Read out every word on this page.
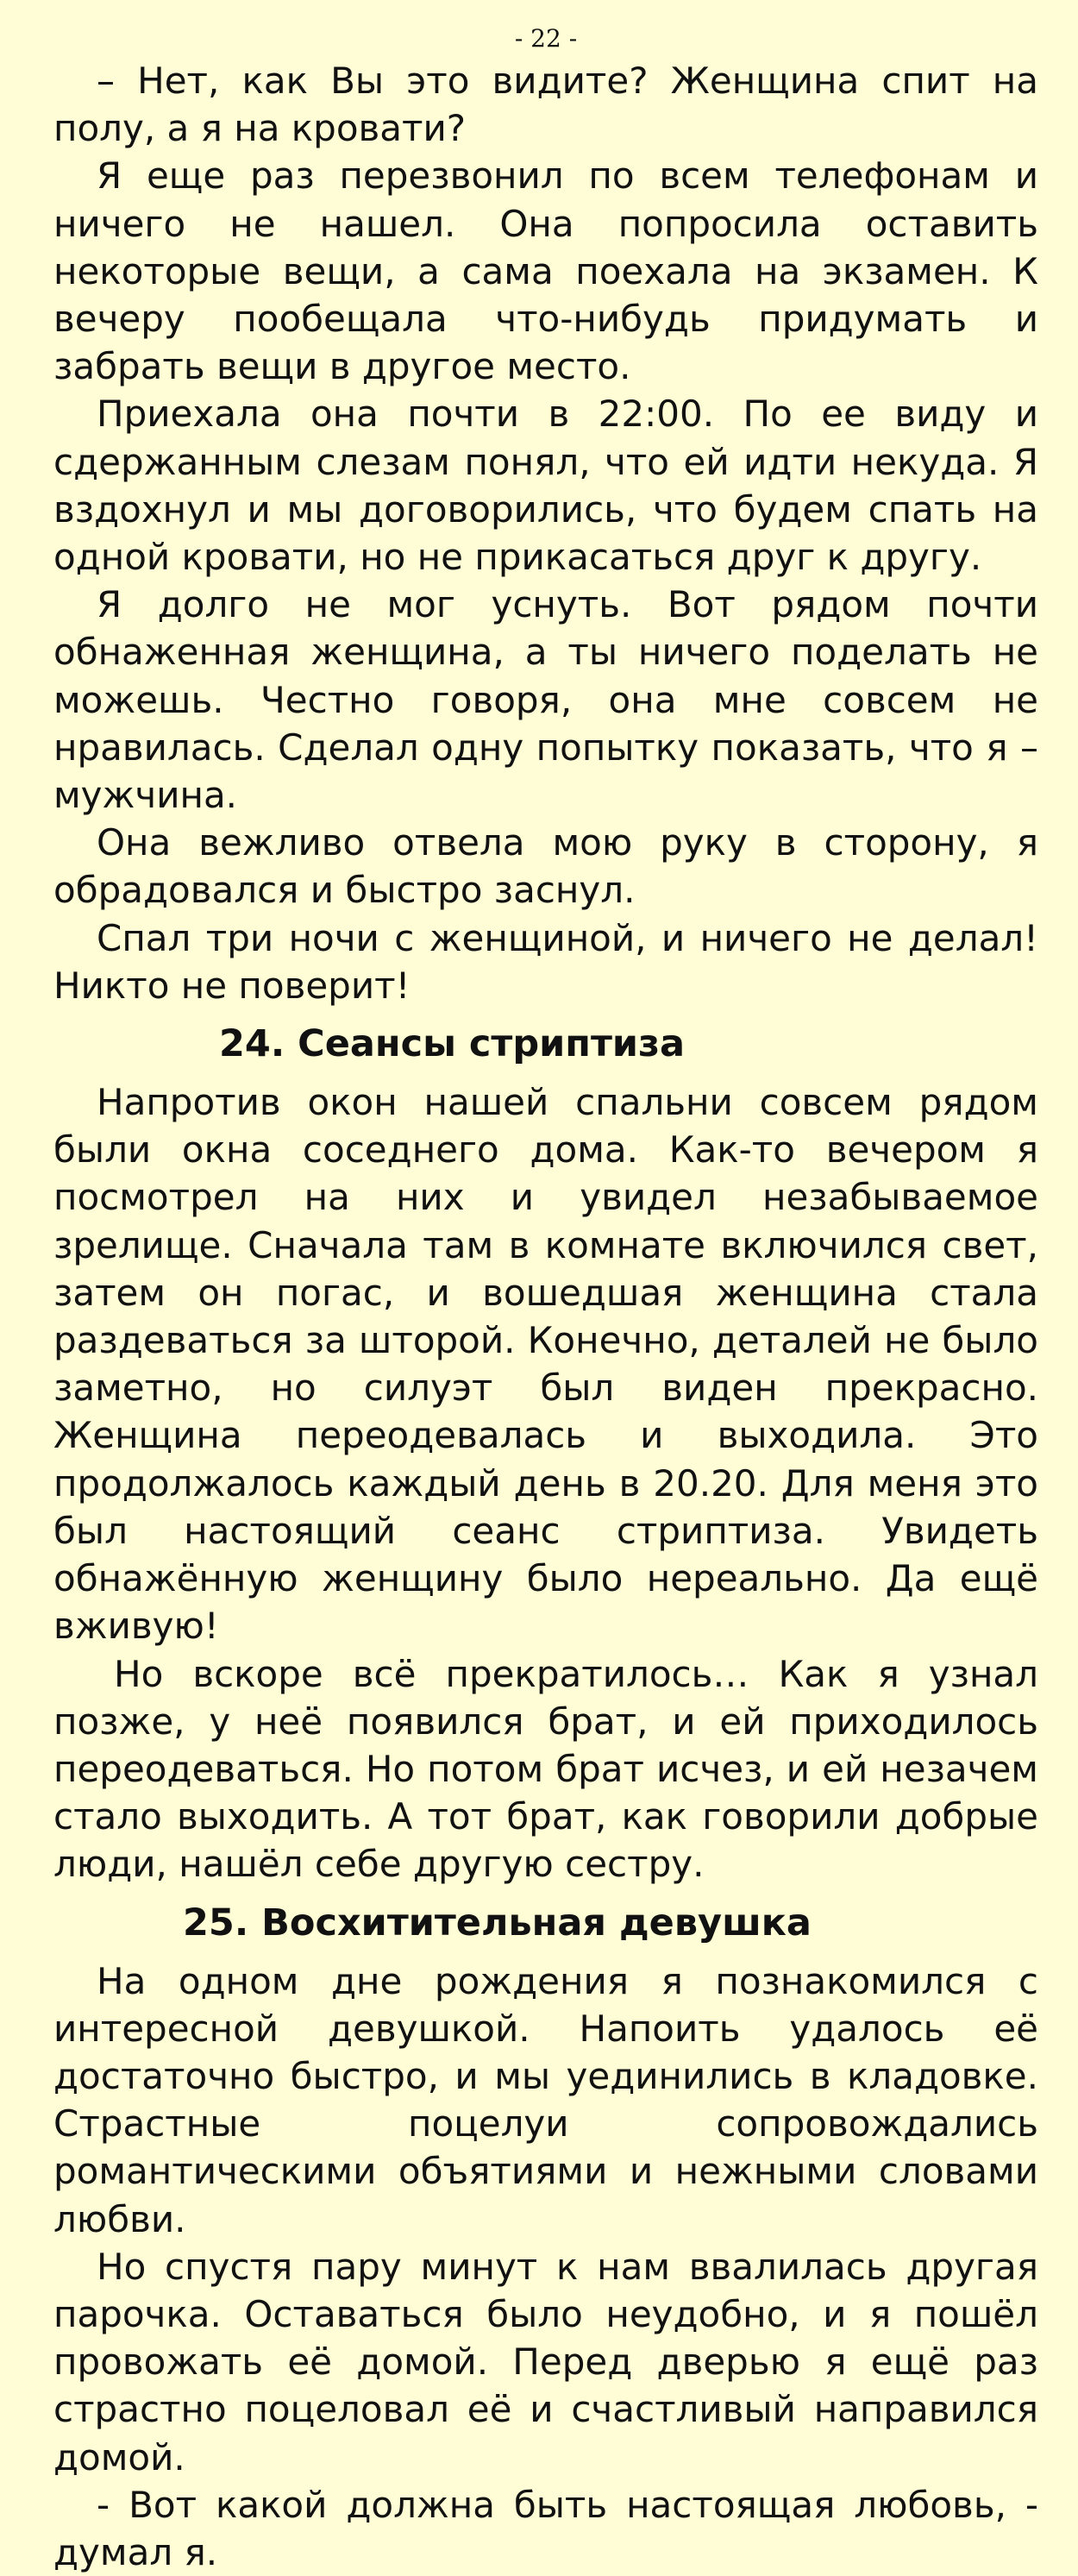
- 22 -

– Нет, как Вы это видите? Женщина спит на полу, а я на кровати?

Я еще раз перезвонил по всем телефонам и ничего не нашел. Она попросила оставить некоторые вещи, а сама поехала на экзамен. К вечеру пообещала что-нибудь придумать и забрать вещи в другое место.

Приехала она почти в 22:00. По ее виду и сдержанным слезам понял, что ей идти некуда. Я вздохнул и мы договорились, что будем спать на одной кровати, но не прикасаться друг к другу.

Я долго не мог уснуть. Вот рядом почти обнаженная женщина, а ты ничего поделать не можешь. Честно говоря, она мне совсем не нравилась. Сделал одну попытку показать, что я – мужчина.

Она вежливо отвела мою руку в сторону, я обрадовался и быстро заснул.

Спал три ночи с женщиной, и ничего не делал! Никто не поверит!

24. Сеансы стриптиза

Напротив окон нашей спальни совсем рядом были окна соседнего дома. Как-то вечером я посмотрел на них и увидел незабываемое зрелище. Сначала там в комнате включился свет, затем он погас, и вошедшая женщина стала раздеваться за шторой. Конечно, деталей не было заметно, но силуэт был виден прекрасно. Женщина переодевалась и выходила. Это продолжалось каждый день в 20.20. Для меня это был настоящий сеанс стриптиза. Увидеть обнажённую женщину было нереально. Да ещё вживую!

Но вскоре всё прекратилось… Как я узнал позже, у неё появился брат, и ей приходилось переодеваться. Но потом брат исчез, и ей незачем стало выходить. А тот брат, как говорили добрые люди, нашёл себе другую сестру.

25. Восхитительная девушка

На одном дне рождения я познакомился с интересной девушкой. Напоить удалось её достаточно быстро, и мы уединились в кладовке. Страстные поцелуи сопровождались романтическими объятиями и нежными словами любви.

Но спустя пару минут к нам ввалилась другая парочка. Оставаться было неудобно, и я пошёл провожать её домой. Перед дверью я ещё раз страстно поцеловал её и счастливый направился домой.

- Вот какой должна быть настоящая любовь, - думал я.
